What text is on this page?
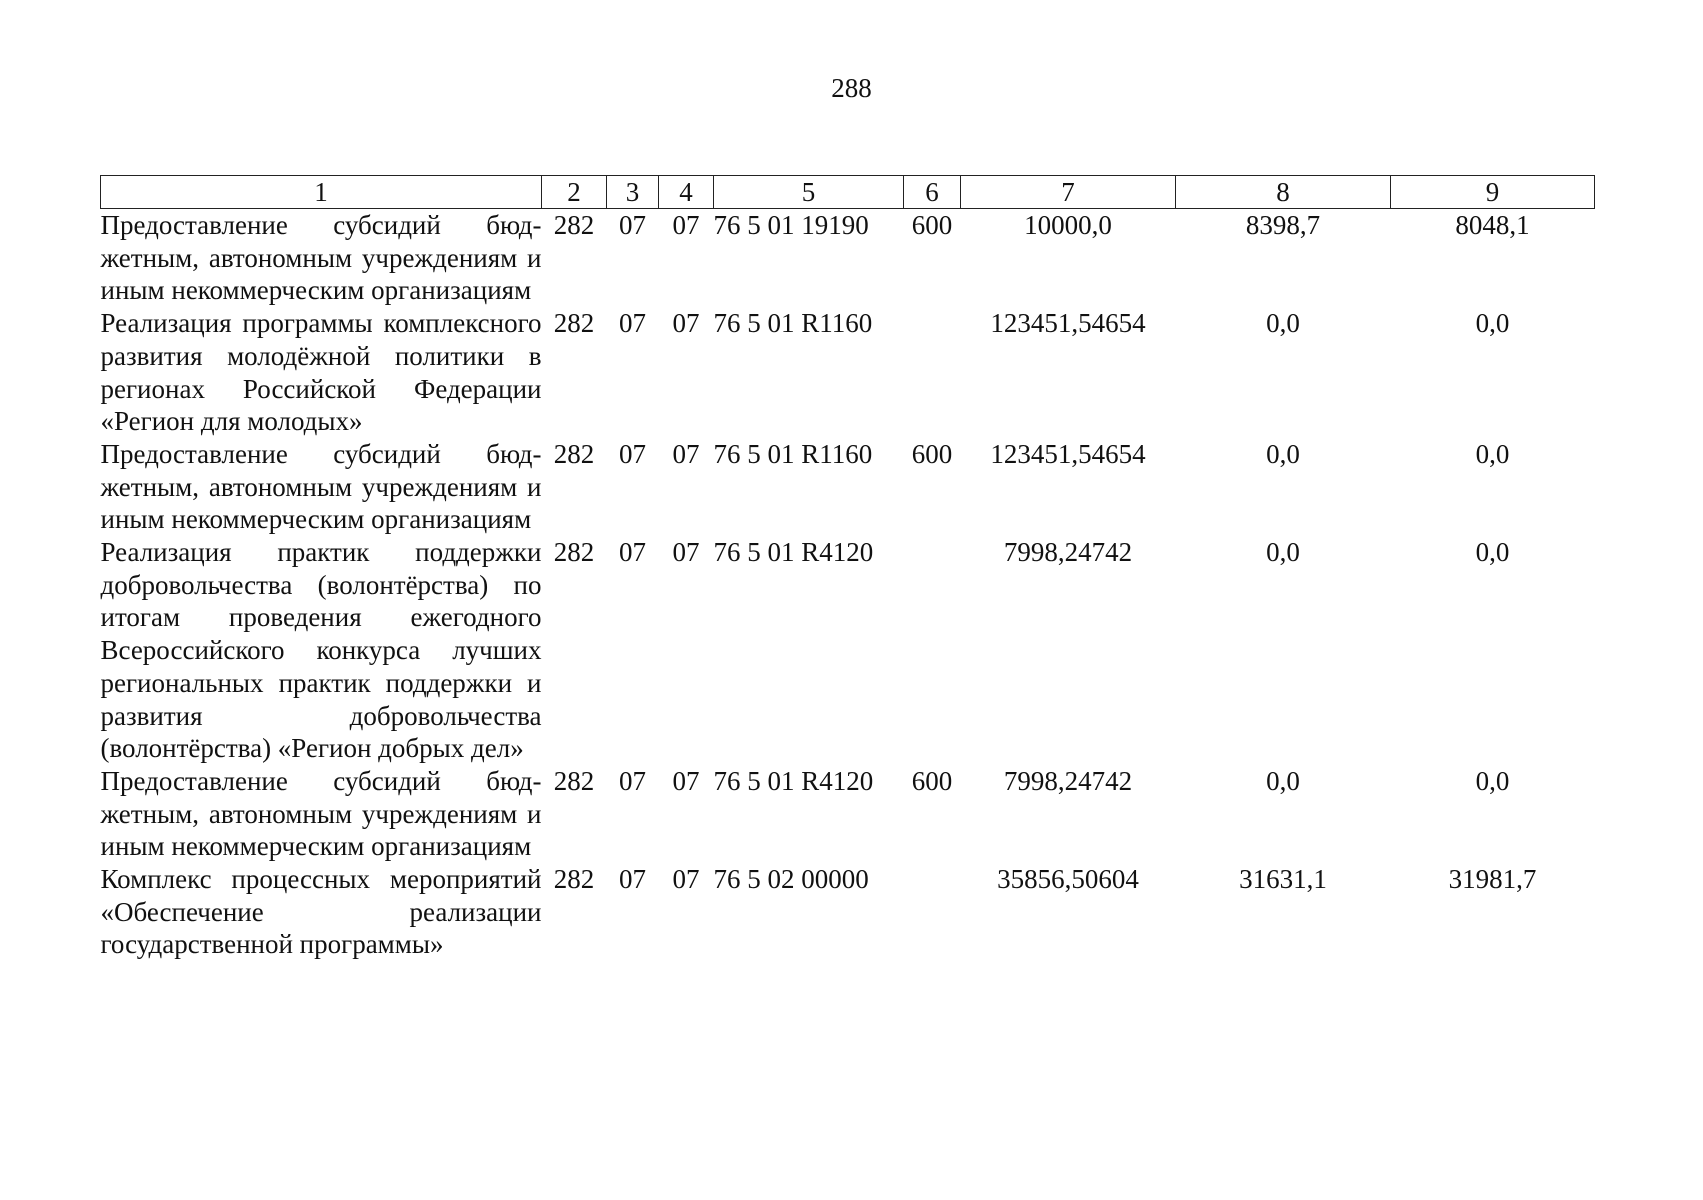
288
1	2	3	4	5	6	7	8	9
Предоставление субсидий бюджетным, автономным учреждениям и иным некоммерческим организациям	282	07	07	76 5 01 19190	600	10000,0	8398,7	8048,1
Реализация программы комплексного развития молодёжной политики в регионах Российской Федерации «Регион для молодых»	282	07	07	76 5 01 R1160		123451,54654	0,0	0,0
Предоставление субсидий бюджетным, автономным учреждениям и иным некоммерческим организациям	282	07	07	76 5 01 R1160	600	123451,54654	0,0	0,0
Реализация практик поддержки добровольчества (волонтёрства) по итогам проведения ежегодного Всероссийского конкурса лучших региональных практик поддержки и развития добровольчества (волонтёрства) «Регион добрых дел»	282	07	07	76 5 01 R4120		7998,24742	0,0	0,0
Предоставление субсидий бюджетным, автономным учреждениям и иным некоммерческим организациям	282	07	07	76 5 01 R4120	600	7998,24742	0,0	0,0
Комплекс процессных мероприятий «Обеспечение реализации государственной программы»	282	07	07	76 5 02 00000		35856,50604	31631,1	31981,7
